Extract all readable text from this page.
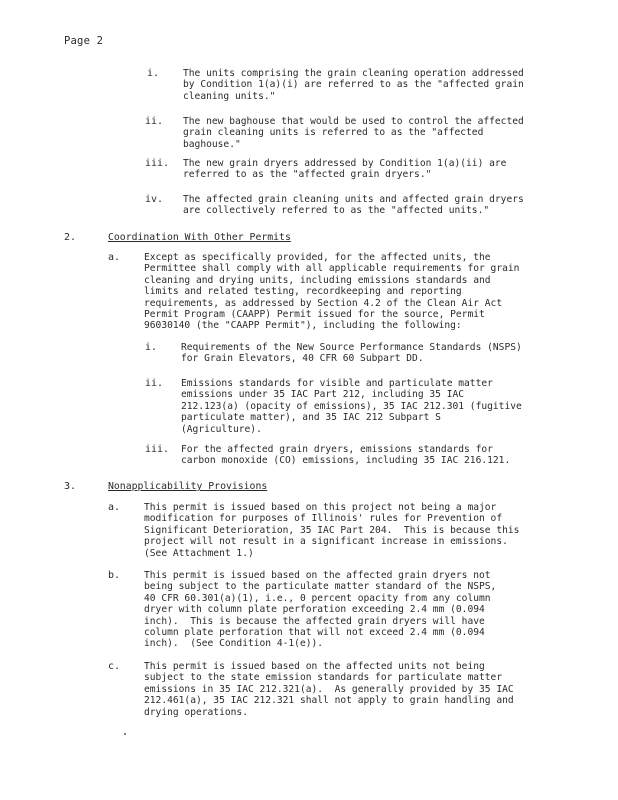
Page 2
i.	The units comprising the grain cleaning operation addressed
by Condition 1(a)(i) are referred to as the "affected grain
cleaning units."
ii.	The new baghouse that would be used to control the affected
grain cleaning units is referred to as the "affected
baghouse."
iii.	The new grain dryers addressed by Condition 1(a)(ii) are
referred to as the "affected grain dryers."
iv.	The affected grain cleaning units and affected grain dryers
are collectively referred to as the "affected units."
2.	Coordination With Other Permits
a.	Except as specifically provided, for the affected units, the
Permittee shall comply with all applicable requirements for grain
cleaning and drying units, including emissions standards and
limits and related testing, recordkeeping and reporting
requirements, as addressed by Section 4.2 of the Clean Air Act
Permit Program (CAAPP) Permit issued for the source, Permit
96030140 (the "CAAPP Permit"), including the following:
i.	Requirements of the New Source Performance Standards (NSPS)
for Grain Elevators, 40 CFR 60 Subpart DD.
ii.	Emissions standards for visible and particulate matter
emissions under 35 IAC Part 212, including 35 IAC
212.123(a) (opacity of emissions), 35 IAC 212.301 (fugitive
particulate matter), and 35 IAC 212 Subpart S
(Agriculture).
iii.	For the affected grain dryers, emissions standards for
carbon monoxide (CO) emissions, including 35 IAC 216.121.
3.	Nonapplicability Provisions
a.	This permit is issued based on this project not being a major
modification for purposes of Illinois' rules for Prevention of
Significant Deterioration, 35 IAC Part 204.  This is because this
project will not result in a significant increase in emissions.
(See Attachment 1.)
b.	This permit is issued based on the affected grain dryers not
being subject to the particulate matter standard of the NSPS,
40 CFR 60.301(a)(1), i.e., 0 percent opacity from any column
dryer with column plate perforation exceeding 2.4 mm (0.094
inch).  This is because the affected grain dryers will have
column plate perforation that will not exceed 2.4 mm (0.094
inch).  (See Condition 4-1(e)).
c.	This permit is issued based on the affected units not being
subject to the state emission standards for particulate matter
emissions in 35 IAC 212.321(a).  As generally provided by 35 IAC
212.461(a), 35 IAC 212.321 shall not apply to grain handling and
drying operations.
